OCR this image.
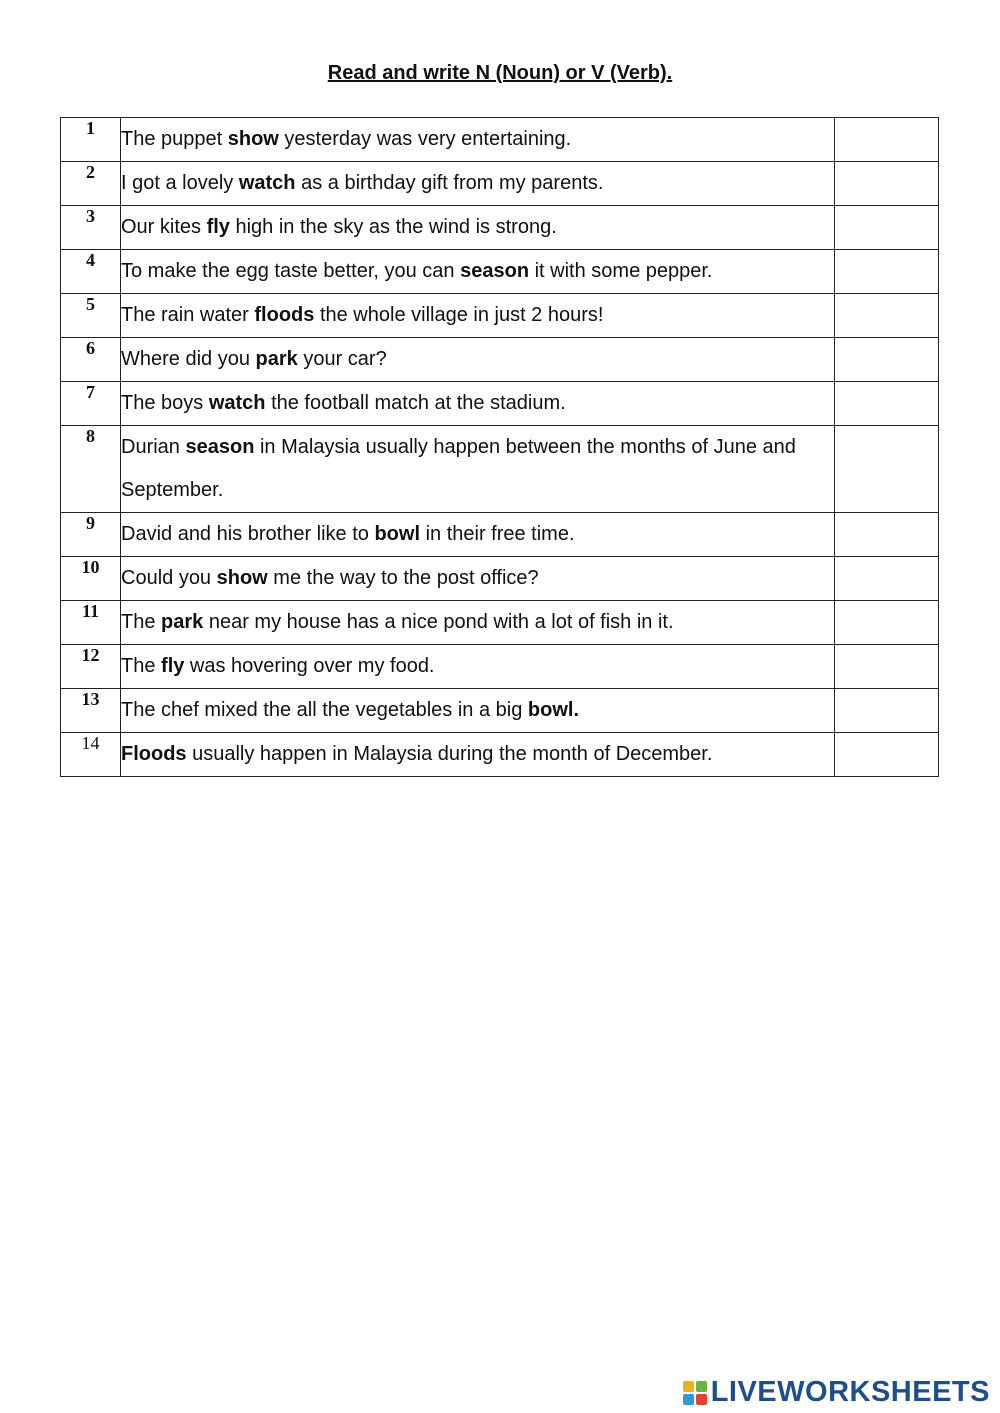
Read and write N (Noun) or V (Verb).
1	The puppet show yesterday was very entertaining.	
2	I got a lovely watch as a birthday gift from my parents.	
3	Our kites fly high in the sky as the wind is strong.	
4	To make the egg taste better, you can season it with some pepper.	
5	The rain water floods the whole village in just 2 hours!	
6	Where did you park your car?	
7	The boys watch the football match at the stadium.	
8	Durian season in Malaysia usually happen between the months of June and September.	
9	David and his brother like to bowl in their free time.	
10	Could you show me the way to the post office?	
11	The park near my house has a nice pond with a lot of fish in it.	
12	The fly was hovering over my food.	
13	The chef mixed the all the vegetables in a big bowl.	
14	Floods usually happen in Malaysia during the month of December.	
LIVEWORKSHEETS
